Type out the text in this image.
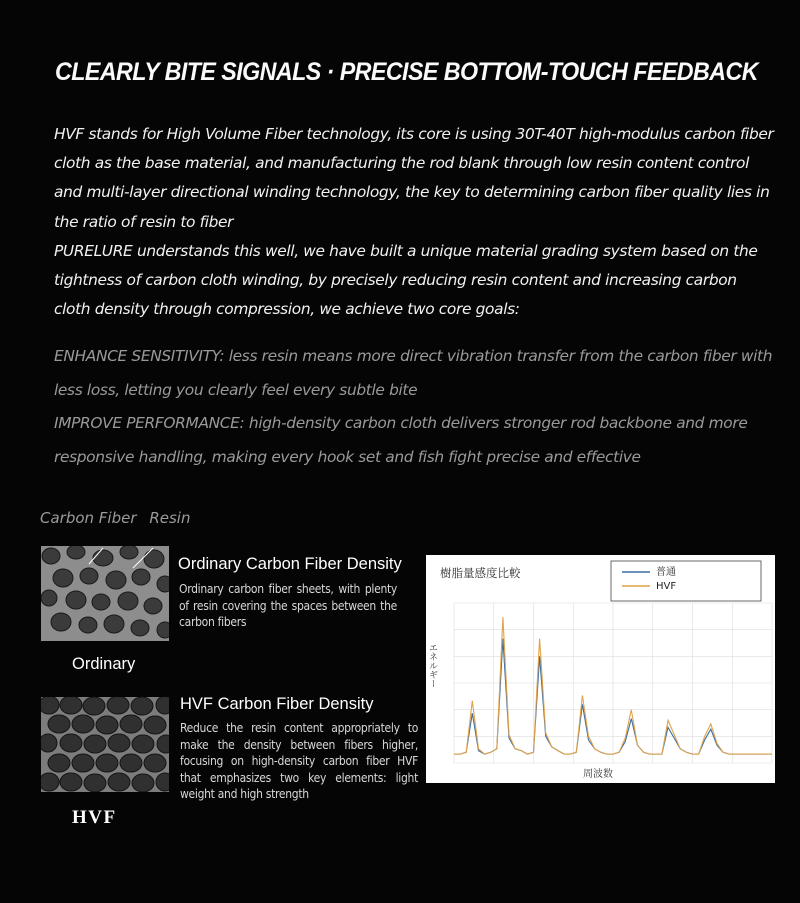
CLEARLY BITE SIGNALS · PRECISE BOTTOM-TOUCH FEEDBACK

HVF stands for High Volume Fiber technology, its core is using 30T-40T high-modulus carbon fiber cloth as the base material, and manufacturing the rod blank through low resin content control and multi-layer directional winding technology, the key to determining carbon fiber quality lies in the ratio of resin to fiber

PURELURE understands this well, we have built a unique material grading system based on the tightness of carbon cloth winding, by precisely reducing resin content and increasing carbon cloth density through compression, we achieve two core goals:

ENHANCE SENSITIVITY: less resin means more direct vibration transfer from the carbon fiber with less loss, letting you clearly feel every subtle bite

IMPROVE PERFORMANCE: high-density carbon cloth delivers stronger rod backbone and more responsive handling, making every hook set and fish fight precise and effective

Carbon Fiber Resin
Ordinary
Ordinary Carbon Fiber Density
Ordinary carbon fiber sheets, with plenty of resin covering the spaces between the carbon fibers
HVF
HVF Carbon Fiber Density
Reduce the resin content appropriately to make the density between fibers higher, focusing on high-density carbon fiber HVF that emphasizes two key elements: light weight and high strength
樹脂量感度比較
周波数
エネルギー
普通
HVF
